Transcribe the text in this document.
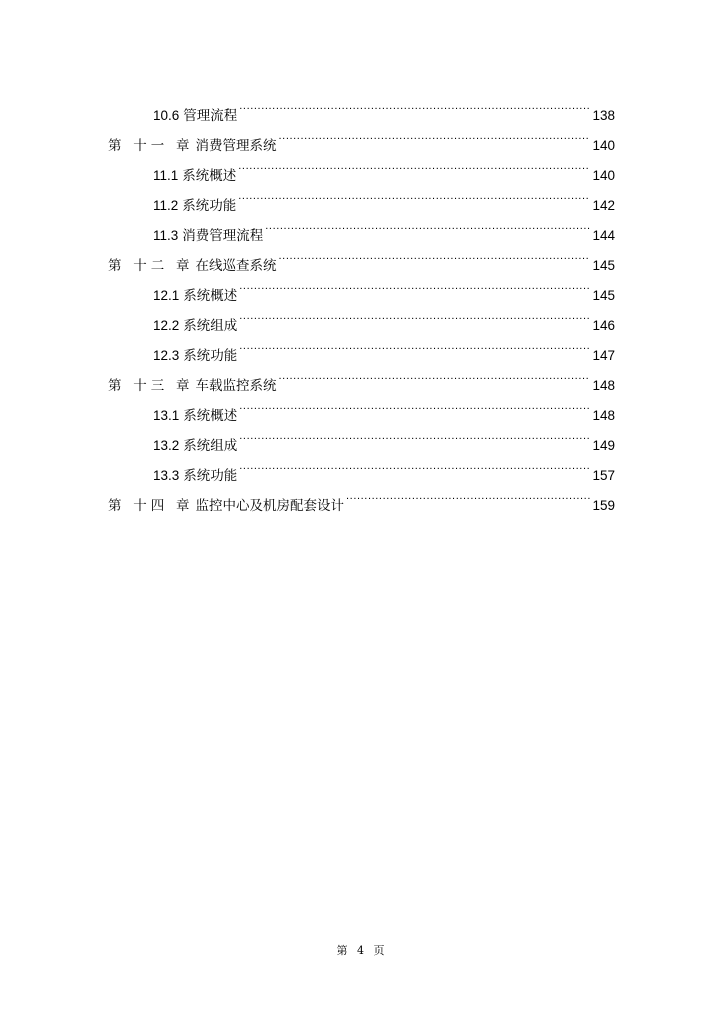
10.6 管理流程 .....	138
第 十一 章 消费管理系统 .....	140
11.1 系统概述 .....	140
11.2 系统功能 .....	142
11.3 消费管理流程 .....	144
第 十二 章 在线巡查系统 .....	145
12.1 系统概述 .....	145
12.2 系统组成 .....	146
12.3 系统功能 .....	147
第 十三 章 车载监控系统 .....	148
13.1 系统概述 .....	148
13.2 系统组成 .....	149
13.3 系统功能 .....	157
第 十四 章 监控中心及机房配套设计 .....	159
第 4 页
